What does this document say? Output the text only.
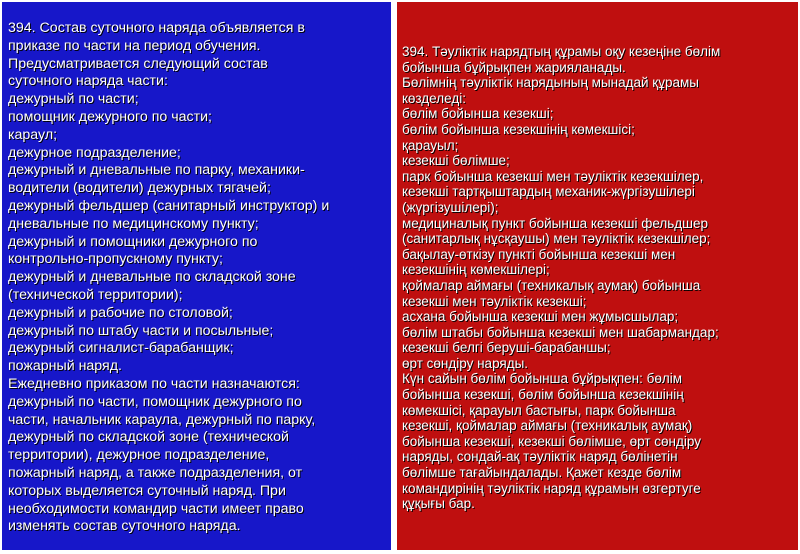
394. Состав суточного наряда объявляется в
приказе по части на период обучения.
Предусматривается следующий состав
суточного наряда части:
дежурный по части;
помощник дежурного по части;
караул;
дежурное подразделение;
дежурный и дневальные по парку, механики-
водители (водители) дежурных тягачей;
дежурный фельдшер (санитарный инструктор) и
дневальные по медицинскому пункту;
дежурный и помощники дежурного по
контрольно-пропускному пункту;
дежурный и дневальные по складской зоне
(технической территории);
дежурный и рабочие по столовой;
дежурный по штабу части и посыльные;
дежурный сигналист-барабанщик;
пожарный наряд.
Ежедневно приказом по части назначаются:
дежурный по части, помощник дежурного по
части, начальник караула, дежурный по парку,
дежурный по складской зоне (технической
территории), дежурное подразделение,
пожарный наряд, а также подразделения, от
которых выделяется суточный наряд. При
необходимости командир части имеет право
изменять состав суточного наряда.
394. Тәуліктік нарядтың құрамы оқу кезеңіне бөлім
бойынша бұйрықпен жарияланады.
Бөлімнің тәуліктік нарядының мынадай құрамы
көзделеді:
бөлім бойынша кезекші;
бөлім бойынша кезекшінің көмекшісі;
қарауыл;
кезекші бөлімше;
парк бойынша кезекші мен тәуліктік кезекшілер,
кезекші тартқыштардың механик-жүргізушілері
(жүргізушілері);
медициналық пункт бойынша кезекші фельдшер
(санитарлық нұсқаушы) мен тәуліктік кезекшілер;
бақылау-өткізу пункті бойынша кезекші мен
кезекшінің көмекшілері;
қоймалар аймағы (техникалық аумақ) бойынша
кезекші мен тәуліктік кезекші;
асхана бойынша кезекші мен жұмысшылар;
бөлім штабы бойынша кезекші мен шабармандар;
кезекші белгі беруші-барабаншы;
өрт сөндіру наряды.
Күн сайын бөлім бойынша бұйрықпен: бөлім
бойынша кезекші, бөлім бойынша кезекшінің
көмекшісі, қарауыл бастығы, парк бойынша
кезекші, қоймалар аймағы (техникалық аумақ)
бойынша кезекші, кезекші бөлімше, өрт сөндіру
наряды, сондай-ақ тәуліктік наряд бөлінетін
бөлімше тағайындалады. Қажет кезде бөлім
командирінің тәуліктік наряд құрамын өзгертуге
құқығы бар.
